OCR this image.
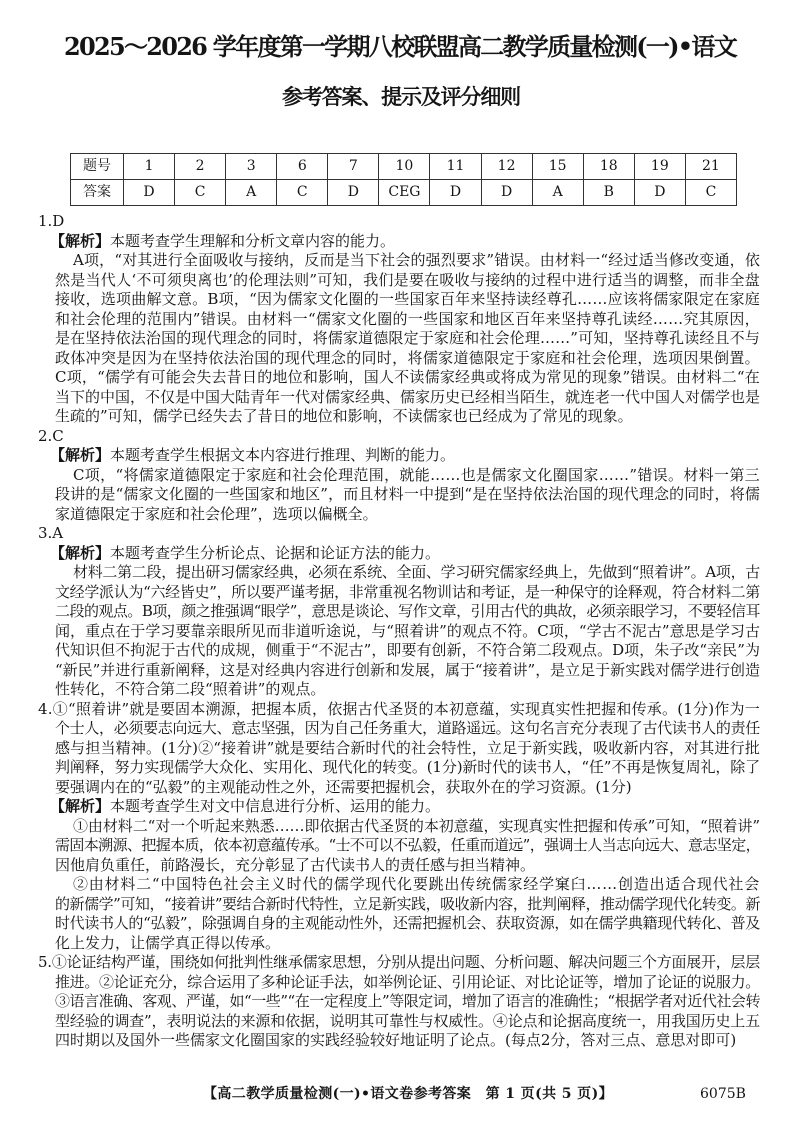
2025～2026 学年度第一学期八校联盟高二教学质量检测(一)•语文
参考答案、提示及评分细则
题号	1	2	3	6	7	10	11	12	15	18	19	21
答案	D	C	A	C	D	CEG	D	D	A	B	D	C
1.D
【解析】本题考查学生理解和分析文章内容的能力。
A项，“对其进行全面吸收与接纳，反而是当下社会的强烈要求”错误。由材料一“经过适当修改变通，依
然是当代人‘不可须臾离也’的伦理法则”可知，我们是要在吸收与接纳的过程中进行适当的调整，而非全盘
接收，选项曲解文意。B项，“因为儒家文化圈的一些国家百年来坚持读经尊孔……应该将儒家限定在家庭
和社会伦理的范围内”错误。由材料一“儒家文化圈的一些国家和地区百年来坚持尊孔读经……究其原因，
是在坚持依法治国的现代理念的同时，将儒家道德限定于家庭和社会伦理……”可知，坚持尊孔读经且不与
政体冲突是因为在坚持依法治国的现代理念的同时，将儒家道德限定于家庭和社会伦理，选项因果倒置。
C项，“儒学有可能会失去昔日的地位和影响，国人不读儒家经典或将成为常见的现象”错误。由材料二“在
当下的中国，不仅是中国大陆青年一代对儒家经典、儒家历史已经相当陌生，就连老一代中国人对儒学也是
生疏的”可知，儒学已经失去了昔日的地位和影响，不读儒家也已经成为了常见的现象。
2.C
【解析】本题考查学生根据文本内容进行推理、判断的能力。
C项，“将儒家道德限定于家庭和社会伦理范围，就能……也是儒家文化圈国家……”错误。材料一第三
段讲的是“儒家文化圈的一些国家和地区”，而且材料一中提到“是在坚持依法治国的现代理念的同时，将儒
家道德限定于家庭和社会伦理”，选项以偏概全。
3.A
【解析】本题考查学生分析论点、论据和论证方法的能力。
材料二第二段，提出研习儒家经典，必须在系统、全面、学习研究儒家经典上，先做到“照着讲”。A项，古
文经学派认为“六经皆史”，所以要严谨考据，非常重视名物训诂和考证，是一种保守的诠释观，符合材料二第
二段的观点。B项，颜之推强调“眼学”，意思是谈论、写作文章，引用古代的典故，必须亲眼学习，不要轻信耳
闻，重点在于学习要靠亲眼所见而非道听途说，与“照着讲”的观点不符。C项，“学古不泥古”意思是学习古
代知识但不拘泥于古代的成规，侧重于“不泥古”，即要有创新，不符合第二段观点。D项，朱子改“亲民”为
“新民”并进行重新阐释，这是对经典内容进行创新和发展，属于“接着讲”，是立足于新实践对儒学进行创造
性转化，不符合第二段“照着讲”的观点。
4.①“照着讲”就是要固本溯源，把握本质，依据古代圣贤的本初意蕴，实现真实性把握和传承。(1分)作为一
个士人，必须要志向远大、意志坚强，因为自己任务重大，道路遥远。这句名言充分表现了古代读书人的责任
感与担当精神。(1分)②“接着讲”就是要结合新时代的社会特性，立足于新实践，吸收新内容，对其进行批
判阐释，努力实现儒学大众化、实用化、现代化的转变。(1分)新时代的读书人，“任”不再是恢复周礼，除了
要强调内在的“弘毅”的主观能动性之外，还需要把握机会，获取外在的学习资源。(1分)
【解析】本题考查学生对文中信息进行分析、运用的能力。
①由材料二“对一个听起来熟悉……即依据古代圣贤的本初意蕴，实现真实性把握和传承”可知，“照着讲”
需固本溯源、把握本质，依本初意蕴传承。“士不可以不弘毅，任重而道远”，强调士人当志向远大、意志坚定，
因他肩负重任，前路漫长，充分彰显了古代读书人的责任感与担当精神。
②由材料二“中国特色社会主义时代的儒学现代化要跳出传统儒家经学窠臼……创造出适合现代社会
的新儒学”可知，“接着讲”要结合新时代特性，立足新实践，吸收新内容，批判阐释，推动儒学现代化转变。新
时代读书人的“弘毅”，除强调自身的主观能动性外，还需把握机会、获取资源，如在儒学典籍现代转化、普及
化上发力，让儒学真正得以传承。
5.①论证结构严谨，围绕如何批判性继承儒家思想，分别从提出问题、分析问题、解决问题三个方面展开，层层
推进。②论证充分，综合运用了多种论证手法，如举例论证、引用论证、对比论证等，增加了论证的说服力。
③语言准确、客观、严谨，如“一些”“在一定程度上”等限定词，增加了语言的准确性；“根据学者对近代社会转
型经验的调查”，表明说法的来源和依据，说明其可靠性与权威性。④论点和论据高度统一，用我国历史上五
四时期以及国外一些儒家文化圈国家的实践经验较好地证明了论点。(每点2分，答对三点、意思对即可)
【高二教学质量检测(一)•语文卷参考答案　第 1 页(共 5 页)】	6075B
